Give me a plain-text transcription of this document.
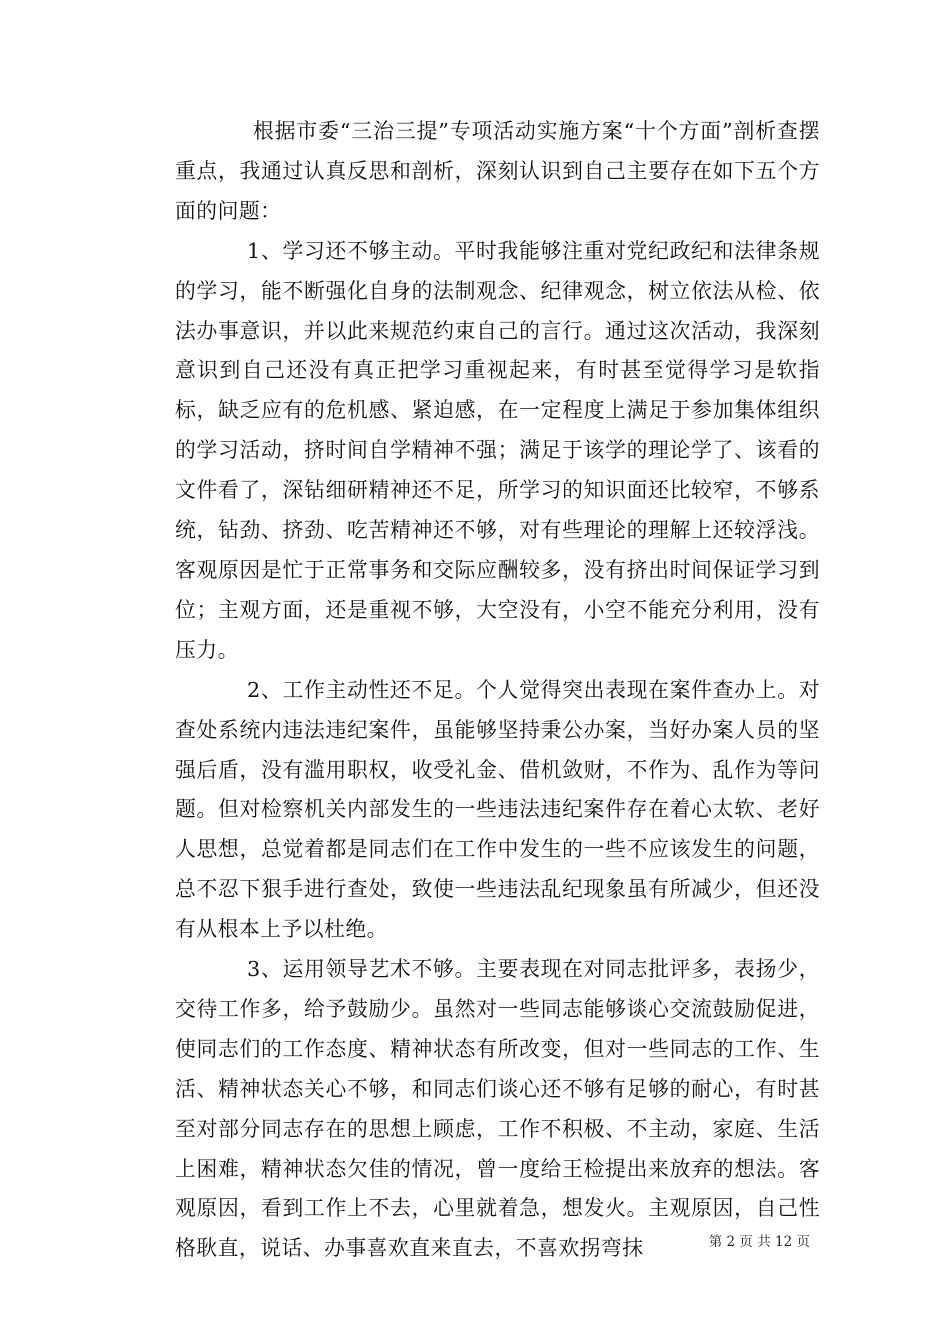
根据市委“三治三提”专项活动实施方案“十个方面”剖析查摆重点，我通过认真反思和剖析，深刻认识到自己主要存在如下五个方面的问题：

1、学习还不够主动。平时我能够注重对党纪政纪和法律条规的学习，能不断强化自身的法制观念、纪律观念，树立依法从检、依法办事意识，并以此来规范约束自己的言行。通过这次活动，我深刻意识到自己还没有真正把学习重视起来，有时甚至觉得学习是软指标，缺乏应有的危机感、紧迫感，在一定程度上满足于参加集体组织的学习活动，挤时间自学精神不强；满足于该学的理论学了、该看的文件看了，深钻细研精神还不足，所学习的知识面还比较窄，不够系统，钻劲、挤劲、吃苦精神还不够，对有些理论的理解上还较浮浅。客观原因是忙于正常事务和交际应酬较多，没有挤出时间保证学习到位；主观方面，还是重视不够，大空没有，小空不能充分利用，没有压力。

2、工作主动性还不足。个人觉得突出表现在案件查办上。对查处系统内违法违纪案件，虽能够坚持秉公办案，当好办案人员的坚强后盾，没有滥用职权，收受礼金、借机敛财，不作为、乱作为等问题。但对检察机关内部发生的一些违法违纪案件存在着心太软、老好人思想，总觉着都是同志们在工作中发生的一些不应该发生的问题，总不忍下狠手进行查处，致使一些违法乱纪现象虽有所减少，但还没有从根本上予以杜绝。

3、运用领导艺术不够。主要表现在对同志批评多，表扬少，交待工作多，给予鼓励少。虽然对一些同志能够谈心交流鼓励促进，使同志们的工作态度、精神状态有所改变，但对一些同志的工作、生活、精神状态关心不够，和同志们谈心还不够有足够的耐心，有时甚至对部分同志存在的思想上顾虑，工作不积极、不主动，家庭、生活上困难，精神状态欠佳的情况，曾一度给王检提出来放弃的想法。客观原因，看到工作上不去，心里就着急，想发火。主观原因，自己性格耿直，说话、办事喜欢直来直去，不喜欢拐弯抹	第 2 页 共 12 页
